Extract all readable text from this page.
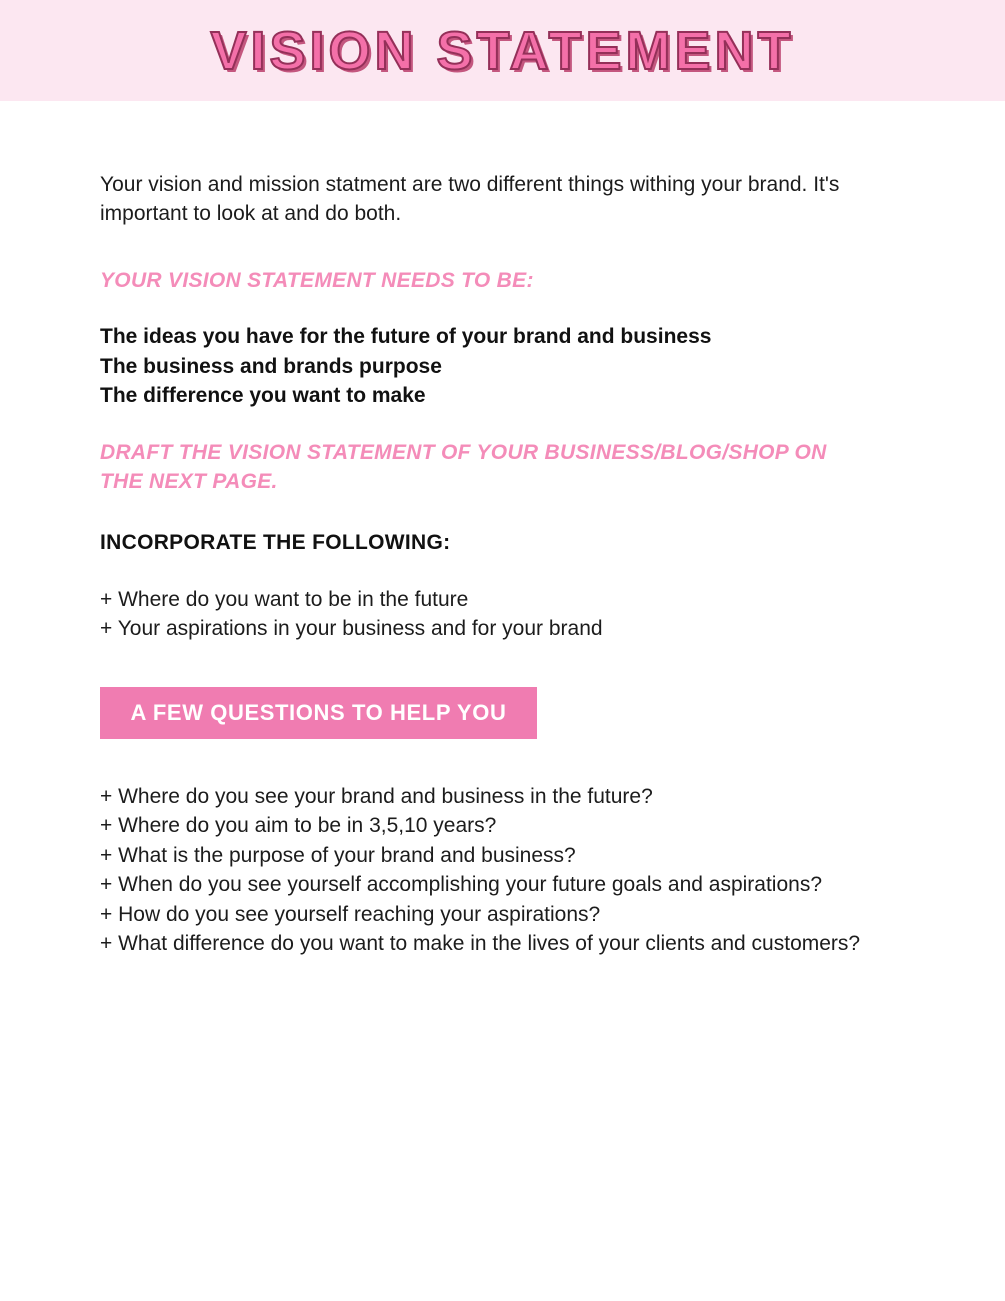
VISION STATEMENT

Your vision and mission statment are two different things withing your brand. It's important to look at and do both.

YOUR VISION STATEMENT NEEDS TO BE:
The ideas you have for the future of your brand and business
The business and brands purpose
The difference you want to make
DRAFT THE VISION STATEMENT OF YOUR BUSINESS/BLOG/SHOP ON THE NEXT PAGE.
INCORPORATE THE FOLLOWING:
+ Where do you want to be in the future
+ Your aspirations in your business and for your brand
A FEW QUESTIONS TO HELP YOU
+ Where do you see your brand and business in the future?
+ Where do you aim to be in 3,5,10 years?
+ What is the purpose of your brand and business?
+ When do you see yourself accomplishing your future goals and aspirations?
+ How do you see yourself reaching your aspirations?
+ What difference do you want to make in the lives of your clients and customers?
